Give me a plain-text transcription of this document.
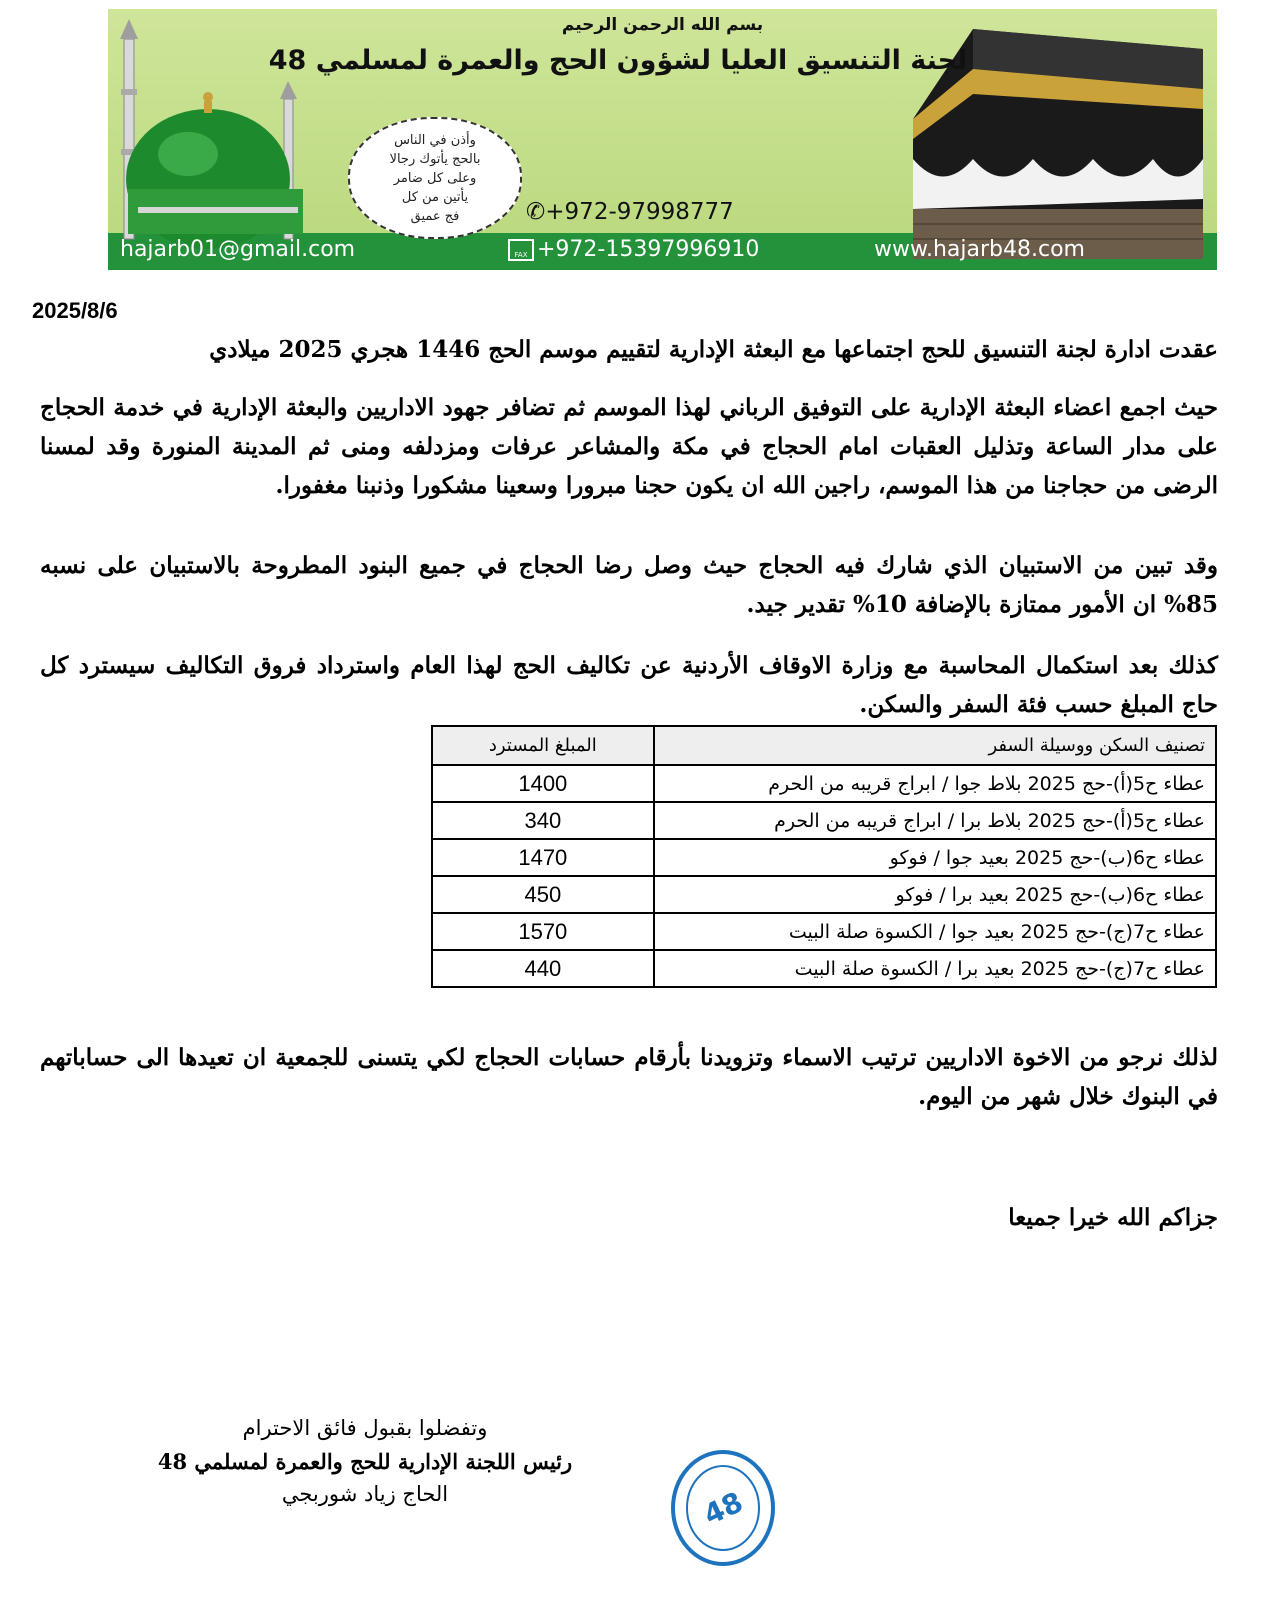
بسم الله الرحمن الرحيم
لجنة التنسيق العليا لشؤون الحج والعمرة لمسلمي 48
وأذن في الناس
بالحج يأتوك رجالا
وعلى كل ضامر
يأتين من كل
فج عميق	✆+972-97998777
hajarb01@gmail.com	FAX +972-15397996910	www.hajarb48.com
2025/8/6
عقدت ادارة لجنة التنسيق للحج اجتماعها مع البعثة الإدارية لتقييم موسم الحج 1446 هجري 2025 ميلادي
حيث اجمع اعضاء البعثة الإدارية على التوفيق الرباني لهذا الموسم ثم تضافر جهود الاداريين والبعثة الإدارية في خدمة الحجاج على مدار الساعة وتذليل العقبات امام الحجاج في مكة والمشاعر عرفات ومزدلفه ومنى ثم المدينة المنورة وقد لمسنا الرضى من حجاجنا من هذا الموسم، راجين الله ان يكون حجنا مبرورا وسعينا مشكورا وذنبنا مغفورا.
وقد تبين من الاستبيان الذي شارك فيه الحجاج حيث وصل رضا الحجاج في جميع البنود المطروحة بالاستبيان على نسبه 85% ان الأمور ممتازة بالإضافة 10% تقدير جيد.
كذلك بعد استكمال المحاسبة مع وزارة الاوقاف الأردنية عن تكاليف الحج لهذا العام واسترداد فروق التكاليف سيسترد كل حاج المبلغ حسب فئة السفر والسكن.
تصنيف السكن ووسيلة السفر	المبلغ المسترد
عطاء ح5(أ)-حج 2025 بلاط جوا / ابراج قريبه من الحرم	1400
عطاء ح5(أ)-حج 2025 بلاط برا / ابراج قريبه من الحرم	340
عطاء ح6(ب)-حج 2025 بعيد جوا / فوكو	1470
عطاء ح6(ب)-حج 2025 بعيد برا / فوكو	450
عطاء ح7(ج)-حج 2025 بعيد جوا / الكسوة صلة البيت	1570
عطاء ح7(ج)-حج 2025 بعيد برا / الكسوة صلة البيت	440
لذلك نرجو من الاخوة الاداريين ترتيب الاسماء وتزويدنا بأرقام حسابات الحجاج لكي يتسنى للجمعية ان تعيدها الى حساباتهم في البنوك خلال شهر من اليوم.
جزاكم الله خيرا جميعا
وتفضلوا بقبول فائق الاحترام
رئيس اللجنة الإدارية للحج والعمرة لمسلمي 48
الحاج زياد شوربجي	48
